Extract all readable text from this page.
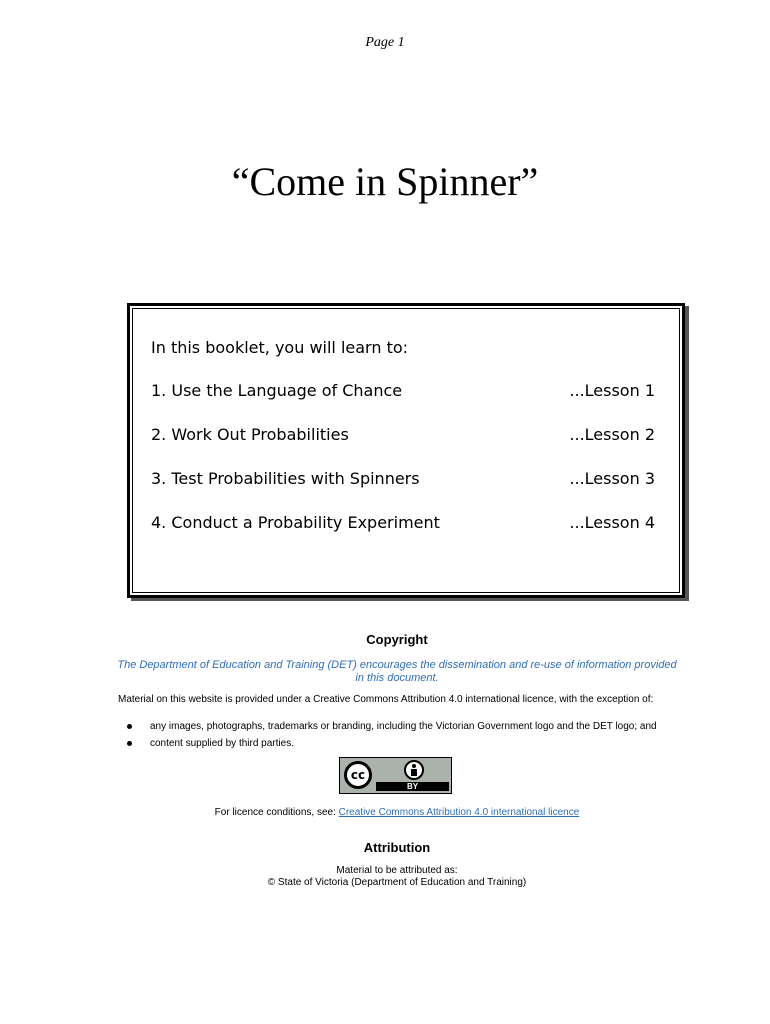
Page 1
“Come in Spinner”
In this booklet, you will learn to:
1. Use the Language of Chance	...Lesson 1
2. Work Out Probabilities	...Lesson 2
3. Test Probabilities with Spinners	...Lesson 3
4. Conduct a Probability Experiment	...Lesson 4
Copyright
The Department of Education and Training (DET) encourages the dissemination and re-use of information provided in this document.
Material on this website is provided under a Creative Commons Attribution 4.0 international licence, with the exception of:
any images, photographs, trademarks or branding, including the Victorian Government logo and the DET logo; and
content supplied by third parties.
cc
BY
For licence conditions, see: Creative Commons Attribution 4.0 international licence
Attribution
Material to be attributed as:
© State of Victoria (Department of Education and Training)
